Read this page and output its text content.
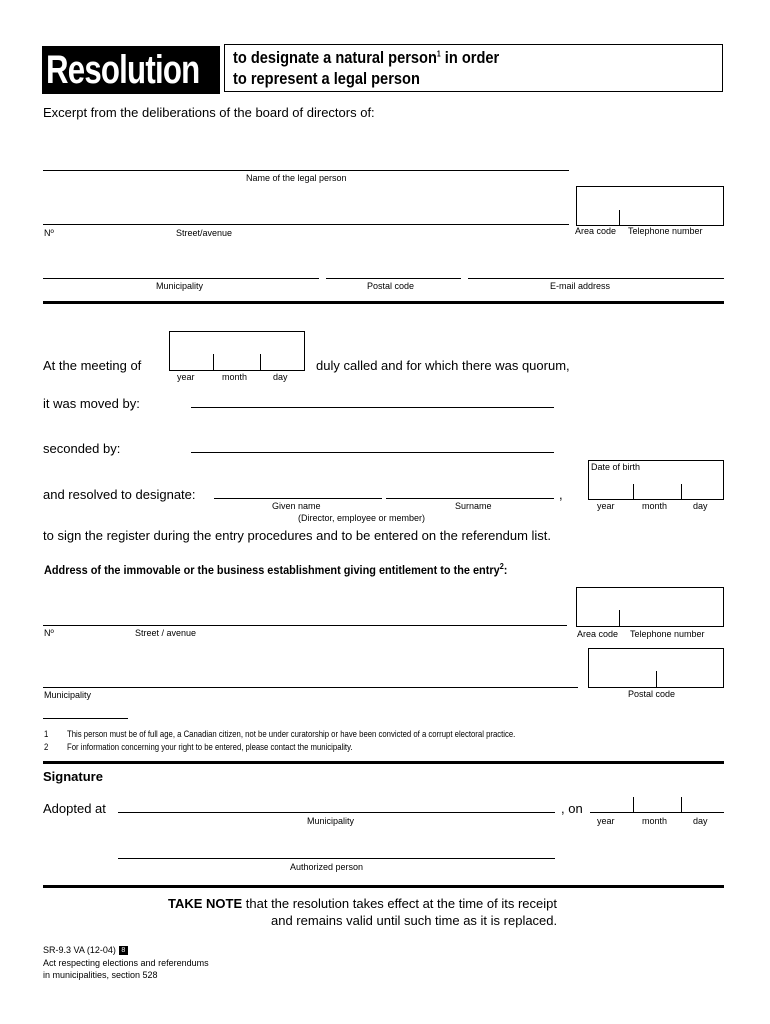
Resolution to designate a natural person$^1$ in order
to represent a legal person
Excerpt from the deliberations of the board of directors of:
Name of the legal person
Nº	Street/avenue	Area code Telephone number
Municipality	Postal code	E-mail address
At the meeting of
year	month	day
duly called and for which there was quorum,
it was moved by:
seconded by:
Date of birth
year	month	day
and resolved to designate:	,
Given name	Surname
(Director, employee or member)
to sign the register during the entry procedures and to be entered on the referendum list.
Address of the immovable or the business establishment giving entitlement to the entry$^2$:
Nº	Street / avenue	Area code Telephone number
Municipality	Postal code
1 This person must be of full age, a Canadian citizen, not be under curatorship or have been convicted of a corrupt electoral practice.
2 For information concerning your right to be entered, please contact the municipality.
Signature
Adopted at
Municipality
, on
year	month	day
Authorized person
TAKE NOTE that the resolution takes effect at the time of its receipt
and remains valid until such time as it is replaced.
SR-9.3 VA (12-04) 8
Act respecting elections and referendums
in municipalities, section 528
